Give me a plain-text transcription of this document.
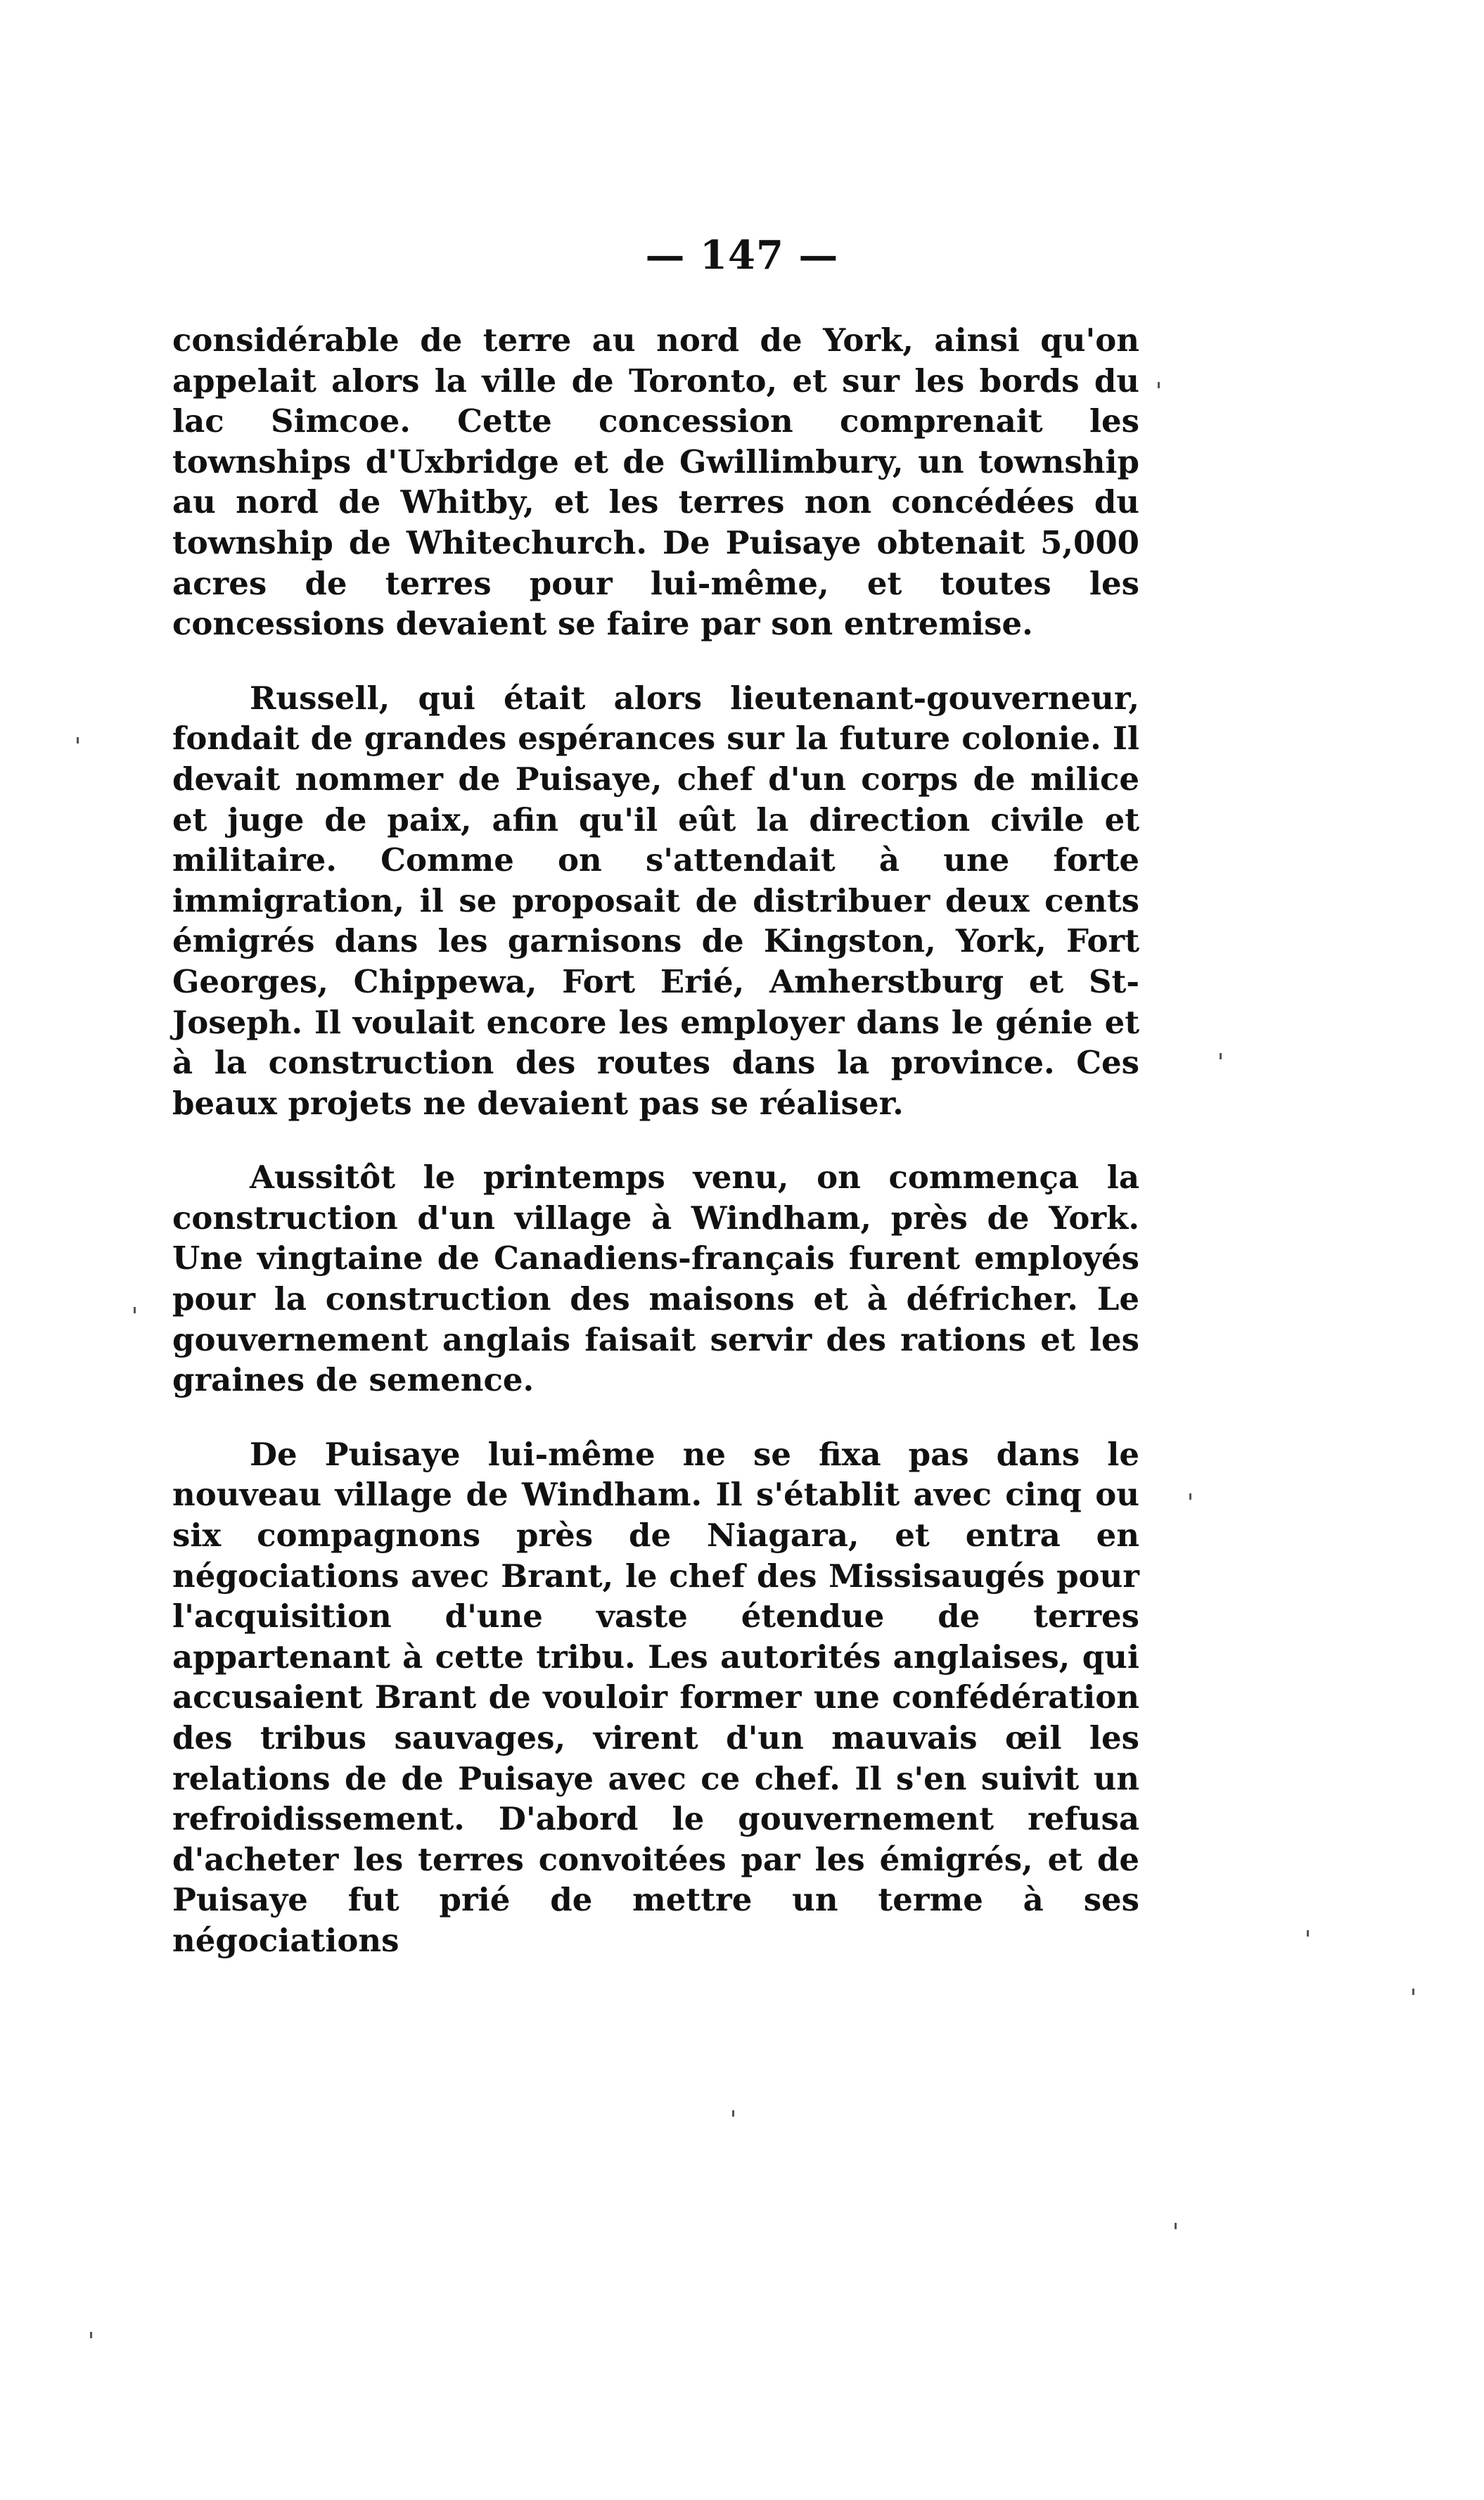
— 147 —

considérable de terre au nord de York, ainsi qu'on appelait alors la ville de Toronto, et sur les bords du lac Simcoe. Cette concession comprenait les townships d'Uxbridge et de Gwillimbury, un township au nord de Whitby, et les terres non concédées du township de Whitechurch. De Puisaye obtenait 5,000 acres de terres pour lui-même, et toutes les concessions devaient se faire par son entremise.

Russell, qui était alors lieutenant-gouverneur, fondait de grandes espérances sur la future colonie. Il devait nommer de Puisaye, chef d'un corps de milice et juge de paix, afin qu'il eût la direction civile et militaire. Comme on s'attendait à une forte immigration, il se proposait de distribuer deux cents émigrés dans les garnisons de Kingston, York, Fort Georges, Chippewa, Fort Erié, Amherstburg et St-Joseph. Il voulait encore les employer dans le génie et à la construction des routes dans la province. Ces beaux projets ne devaient pas se réaliser.

Aussitôt le printemps venu, on commença la construction d'un village à Windham, près de York. Une vingtaine de Canadiens-français furent employés pour la construction des maisons et à défricher. Le gouvernement anglais faisait servir des rations et les graines de semence.

De Puisaye lui-même ne se fixa pas dans le nouveau village de Windham. Il s'établit avec cinq ou six compagnons près de Niagara, et entra en négociations avec Brant, le chef des Missisaugés pour l'acquisition d'une vaste étendue de terres appartenant à cette tribu. Les autorités anglaises, qui accusaient Brant de vouloir former une confédération des tribus sauvages, virent d'un mauvais œil les relations de de Puisaye avec ce chef. Il s'en suivit un refroidissement. D'abord le gouvernement refusa d'acheter les terres convoitées par les émigrés, et de Puisaye fut prié de mettre un terme à ses négociations
